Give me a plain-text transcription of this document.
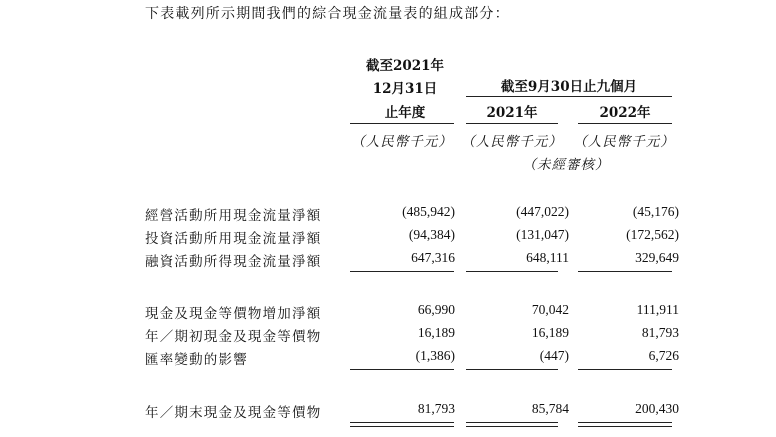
下表載列所示期間我們的綜合現金流量表的組成部分：
截至2021年
12月31日
止年度
截至9月30日止九個月
2021年	2022年
（人民幣千元） （人民幣千元） （人民幣千元）
（未經審核）
經營活動所用現金流量淨額	(485,942)	(447,022)	(45,176)
投資活動所用現金流量淨額	(94,384)	(131,047)	(172,562)
融資活動所得現金流量淨額	647,316	648,111	329,649
現金及現金等價物增加淨額	66,990	70,042	111,911
年／期初現金及現金等價物	16,189	16,189	81,793
匯率變動的影響	(1,386)	(447)	6,726
年／期末現金及現金等價物	81,793	85,784	200,430
